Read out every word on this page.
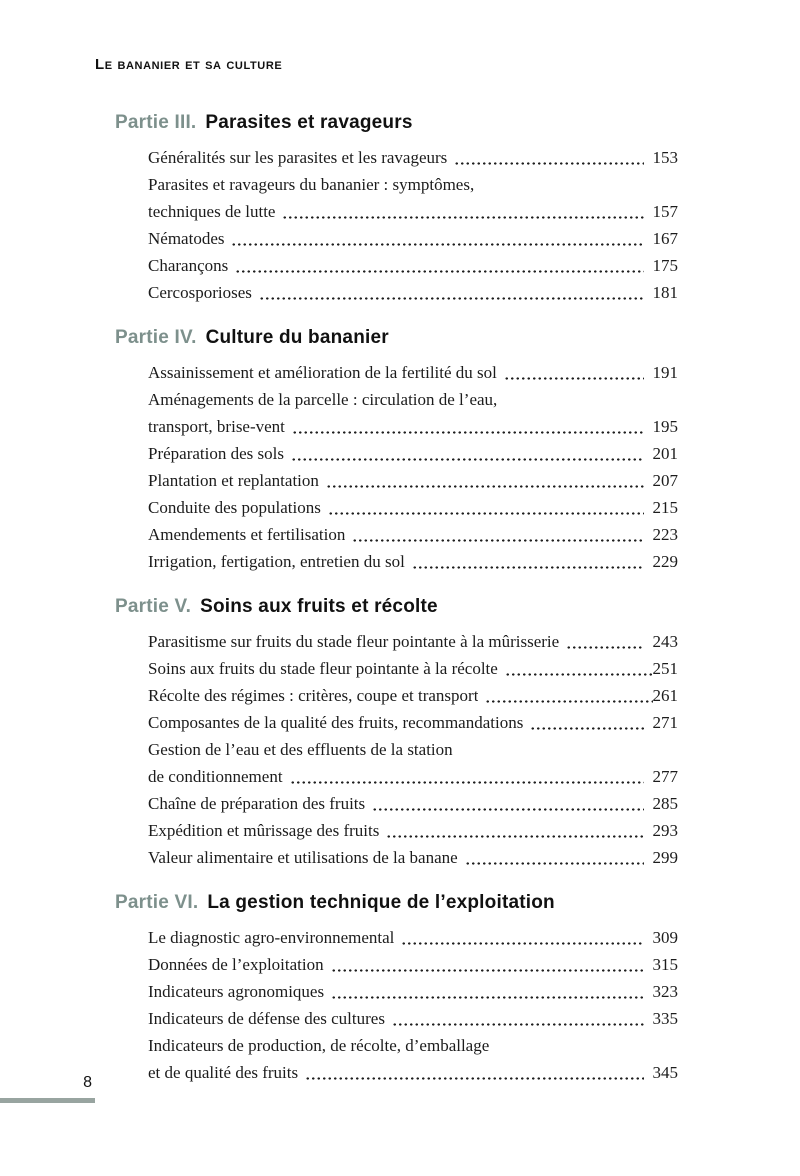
Le bananier et sa culture
Partie III. Parasites et ravageurs
Généralités sur les parasites et les ravageurs	153
Parasites et ravageurs du bananier : symptômes,
techniques de lutte	157
Nématodes	167
Charançons	175
Cercosporioses	181
Partie IV. Culture du bananier
Assainissement et amélioration de la fertilité du sol	191
Aménagements de la parcelle : circulation de l’eau,
transport, brise-vent	195
Préparation des sols	201
Plantation et replantation	207
Conduite des populations	215
Amendements et fertilisation	223
Irrigation, fertigation, entretien du sol	229
Partie V. Soins aux fruits et récolte
Parasitisme sur fruits du stade fleur pointante à la mûrisserie	243
Soins aux fruits du stade fleur pointante à la récolte	251
Récolte des régimes : critères, coupe et transport	261
Composantes de la qualité des fruits, recommandations	271
Gestion de l’eau et des effluents de la station
de conditionnement	277
Chaîne de préparation des fruits	285
Expédition et mûrissage des fruits	293
Valeur alimentaire et utilisations de la banane	299
Partie VI. La gestion technique de l’exploitation
Le diagnostic agro-environnemental	309
Données de l’exploitation	315
Indicateurs agronomiques	323
Indicateurs de défense des cultures	335
Indicateurs de production, de récolte, d’emballage
et de qualité des fruits	345
8
